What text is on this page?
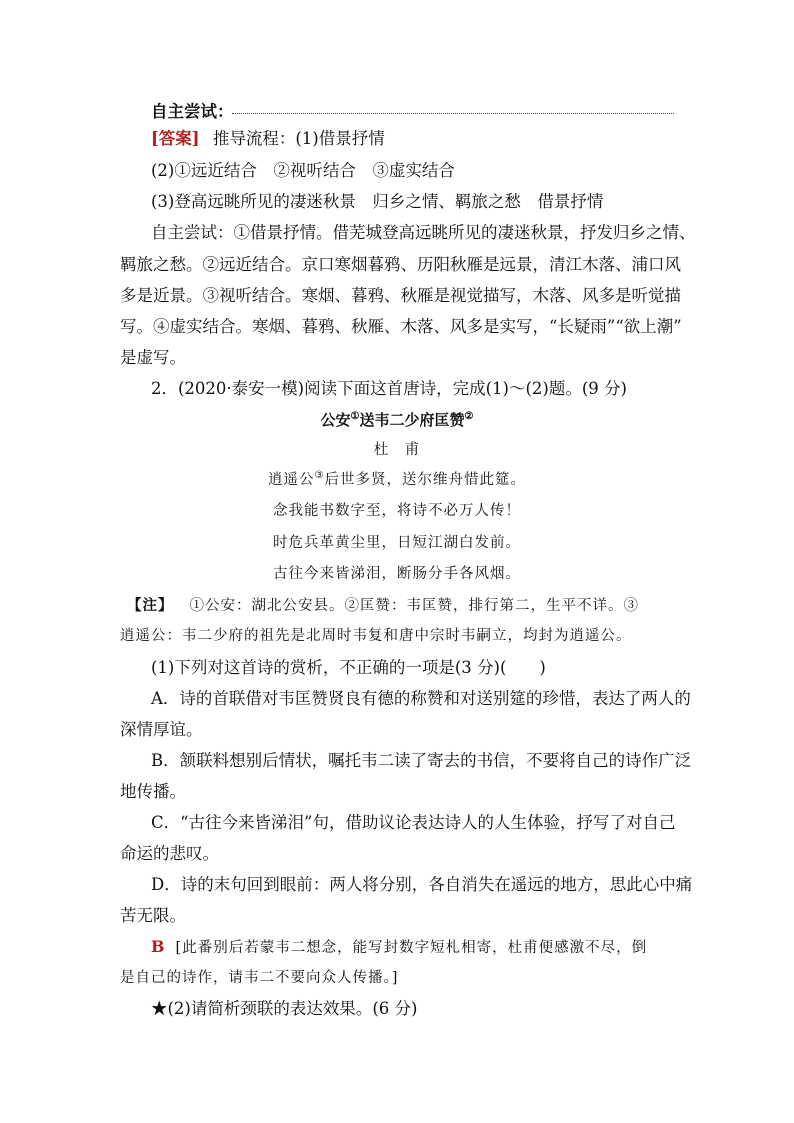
自主尝试：
[答案] 推导流程：(1)借景抒情
(2)①远近结合　②视听结合　③虚实结合
(3)登高远眺所见的凄迷秋景　归乡之情、羁旅之愁　借景抒情
自主尝试：①借景抒情。借芜城登高远眺所见的凄迷秋景，抒发归乡之情、
羁旅之愁。②远近结合。京口寒烟暮鸦、历阳秋雁是远景，清江木落、浦口风
多是近景。③视听结合。寒烟、暮鸦、秋雁是视觉描写，木落、风多是听觉描
写。④虚实结合。寒烟、暮鸦、秋雁、木落、风多是实写，“长疑雨”“欲上潮”
是虚写。
2．(2020·泰安一模)阅读下面这首唐诗，完成(1)～(2)题。(9 分)
公安①送韦二少府匡赞②
杜　甫
逍遥公③后世多贤，送尔维舟惜此筵。
念我能书数字至，将诗不必万人传！
时危兵革黄尘里，日短江湖白发前。
古往今来皆涕泪，断肠分手各风烟。
【注】 ①公安：湖北公安县。②匡赞：韦匡赞，排行第二，生平不详。③
逍遥公：韦二少府的祖先是北周时韦复和唐中宗时韦嗣立，均封为逍遥公。
(1)下列对这首诗的赏析，不正确的一项是(3 分)(　　)
A．诗的首联借对韦匡赞贤良有德的称赞和对送别筵的珍惜，表达了两人的
深情厚谊。
B．颔联料想别后情状，嘱托韦二读了寄去的书信，不要将自己的诗作广泛
地传播。
C．“古往今来皆涕泪”句，借助议论表达诗人的人生体验，抒写了对自己
命运的悲叹。
D．诗的末句回到眼前：两人将分别，各自消失在遥远的地方，思此心中痛
苦无限。
B [此番别后若蒙韦二想念，能写封数字短札相寄，杜甫便感激不尽，倒
是自己的诗作，请韦二不要向众人传播。]
★(2)请简析颈联的表达效果。(6 分)
